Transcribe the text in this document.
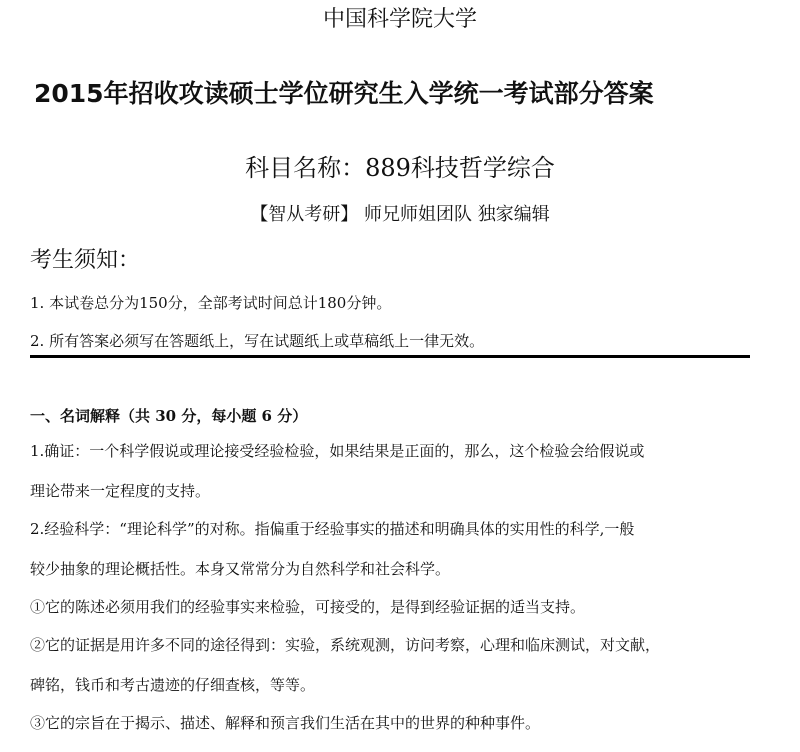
中国科学院大学
2015年招收攻读硕士学位研究生入学统一考试部分答案
科目名称：889科技哲学综合
【智从考研】 师兄师姐团队 独家编辑
考生须知：
1. 本试卷总分为150分，全部考试时间总计180分钟。
2. 所有答案必须写在答题纸上，写在试题纸上或草稿纸上一律无效。
一、名词解释（共 30 分，每小题 6 分）
1.确证：一个科学假说或理论接受经验检验，如果结果是正面的，那么，这个检验会给假说或
理论带来一定程度的支持。
2.经验科学：“理论科学”的对称。指偏重于经验事实的描述和明确具体的实用性的科学,一般
较少抽象的理论概括性。本身又常常分为自然科学和社会科学。
①它的陈述必须用我们的经验事实来检验，可接受的，是得到经验证据的适当支持。
②它的证据是用许多不同的途径得到：实验，系统观测，访问考察，心理和临床测试，对文献，
碑铭，钱币和考古遗迹的仔细查核，等等。
③它的宗旨在于揭示、描述、解释和预言我们生活在其中的世界的种种事件。
